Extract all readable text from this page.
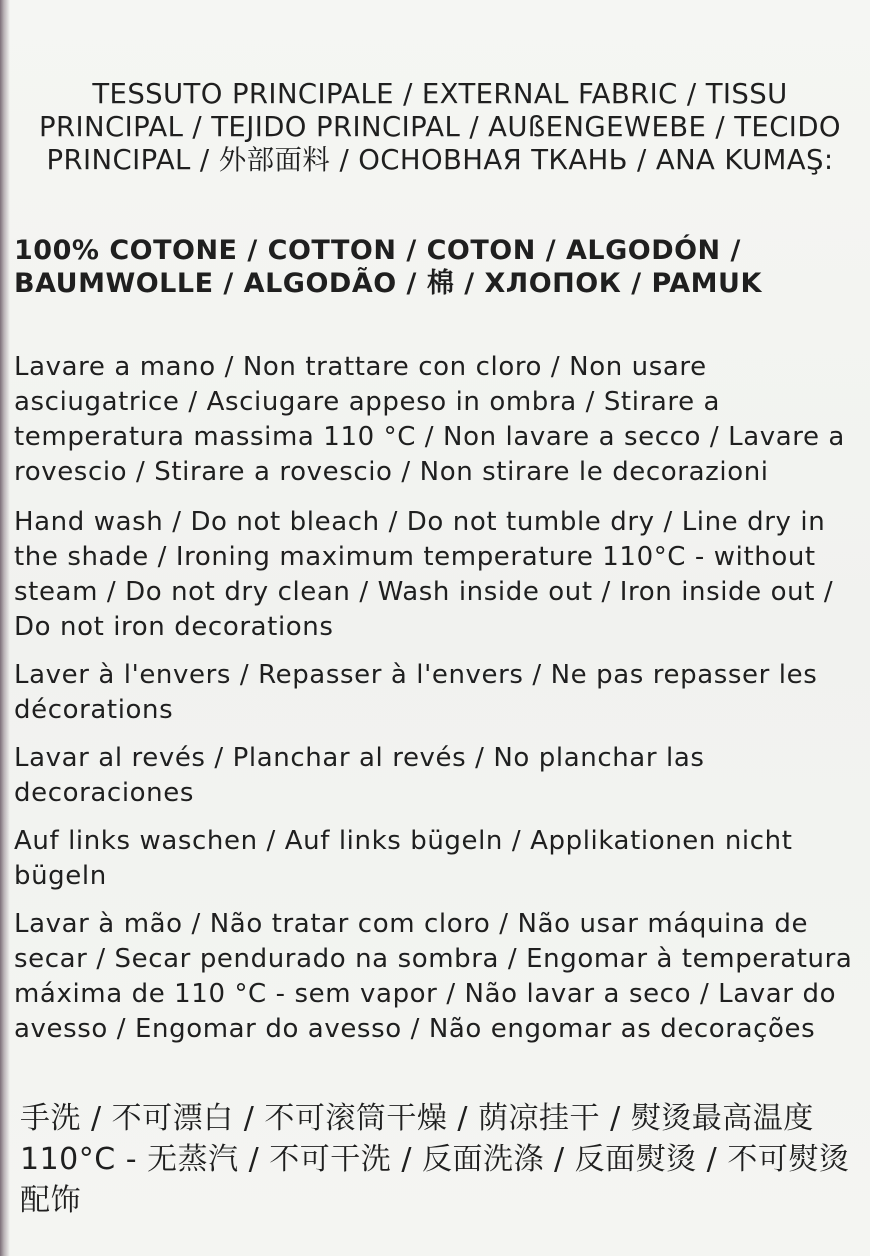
TESSUTO PRINCIPALE / EXTERNAL FABRIC / TISSU PRINCIPAL / TEJIDO PRINCIPAL / AUßENGEWEBE / TECIDO PRINCIPAL / 外部面料 / ОСНОВНАЯ ТКАНЬ / ANA KUMAŞ:

100% COTONE / COTTON / COTON / ALGODÓN / BAUMWOLLE / ALGODÃO / 棉 / ХЛОПОК / PAMUK

Lavare a mano / Non trattare con cloro / Non usare asciugatrice / Asciugare appeso in ombra / Stirare a temperatura massima 110 °C / Non lavare a secco / Lavare a rovescio / Stirare a rovescio / Non stirare le decorazioni

Hand wash / Do not bleach / Do not tumble dry / Line dry in the shade / Ironing maximum temperature 110°C - without steam / Do not dry clean / Wash inside out / Iron inside out / Do not iron decorations

Laver à l'envers / Repasser à l'envers / Ne pas repasser les décorations

Lavar al revés / Planchar al revés / No planchar las decoraciones

Auf links waschen / Auf links bügeln / Applikationen nicht bügeln

Lavar à mão / Não tratar com cloro / Não usar máquina de secar / Secar pendurado na sombra / Engomar à temperatura máxima de 110 °C - sem vapor / Não lavar a seco / Lavar do avesso / Engomar do avesso / Não engomar as decorações

手洗 / 不可漂白 / 不可滚筒干燥 / 荫凉挂干 / 熨烫最高温度110°C - 无蒸汽 / 不可干洗 / 反面洗涤 / 反面熨烫 / 不可熨烫配饰
